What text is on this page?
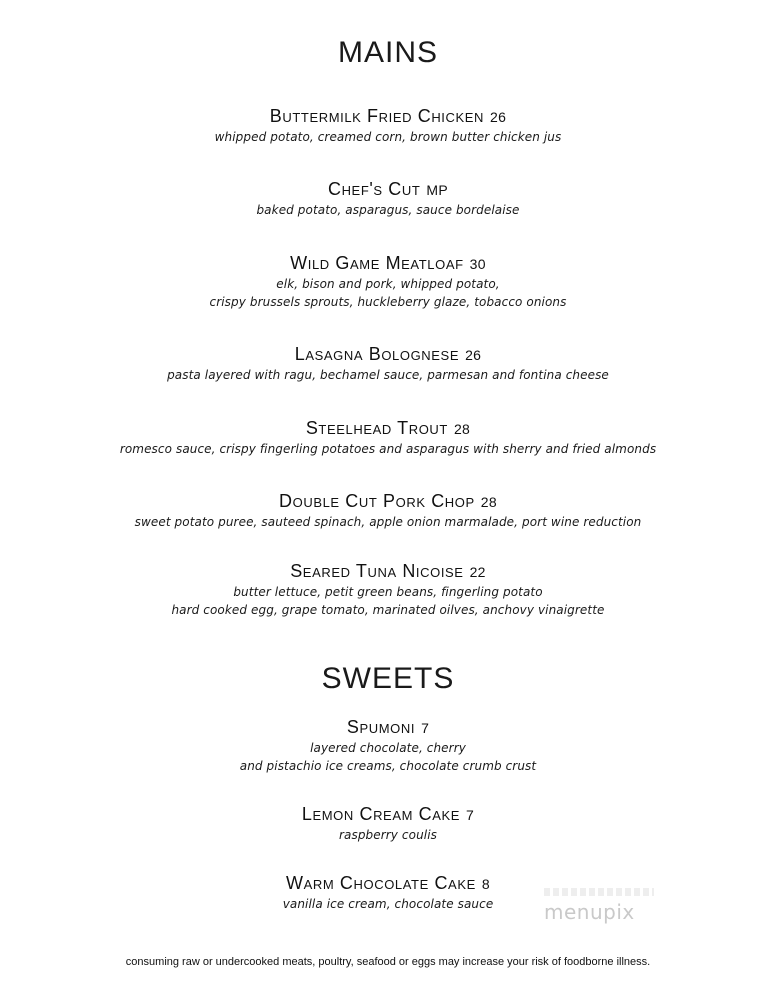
MAINS
Buttermilk Fried Chicken 26
whipped potato, creamed corn, brown butter chicken jus
Chef's Cut MP
baked potato, asparagus, sauce bordelaise
Wild Game Meatloaf 30
elk, bison and pork, whipped potato,
crispy brussels sprouts, huckleberry glaze, tobacco onions
Lasagna Bolognese 26
pasta layered with ragu, bechamel sauce, parmesan and fontina cheese
Steelhead Trout 28
romesco sauce, crispy fingerling potatoes and asparagus with sherry and fried almonds
Double Cut Pork Chop 28
sweet potato puree, sauteed spinach, apple onion marmalade, port wine reduction
Seared Tuna Nicoise 22
butter lettuce, petit green beans, fingerling potato
hard cooked egg, grape tomato, marinated oilves, anchovy vinaigrette
SWEETS
Spumoni 7
layered chocolate, cherry
and pistachio ice creams, chocolate crumb crust
Lemon Cream Cake 7
raspberry coulis
Warm Chocolate Cake 8
vanilla ice cream, chocolate sauce	menupix
consuming raw or undercooked meats, poultry, seafood or eggs may increase your risk of foodborne illness.
